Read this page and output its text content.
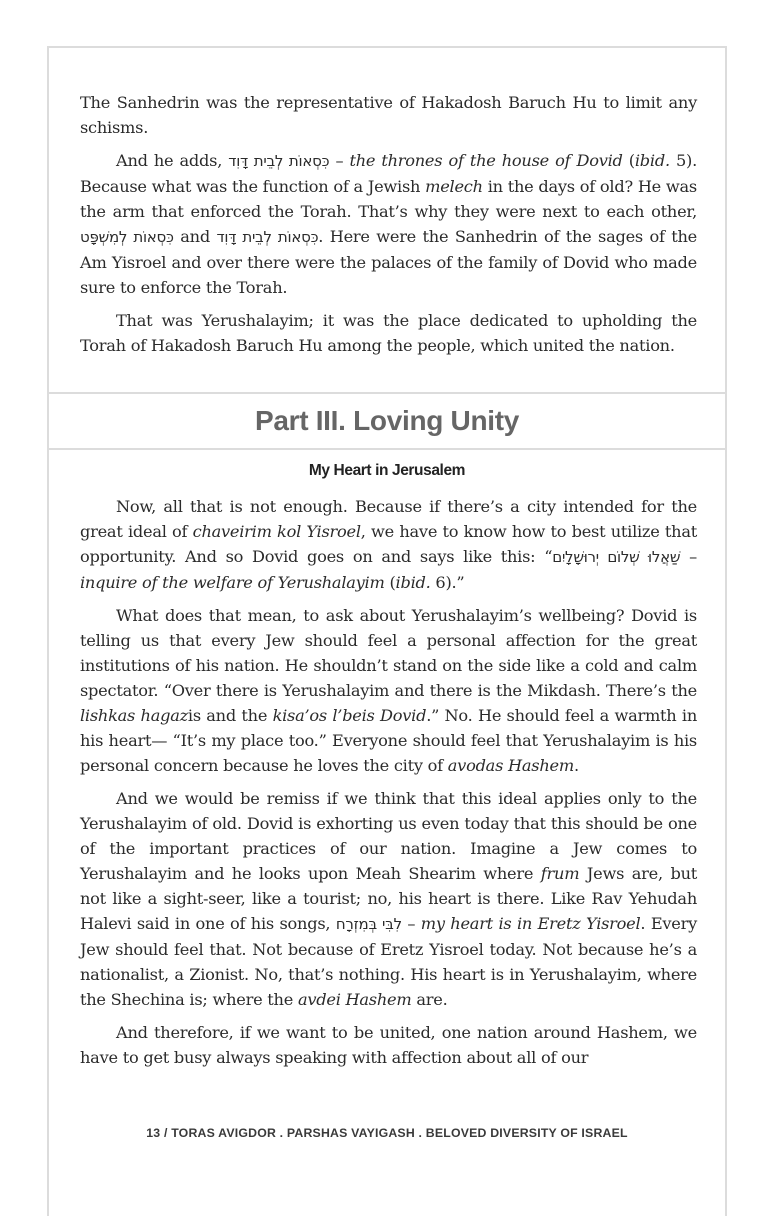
The Sanhedrin was the representative of Hakadosh Baruch Hu to limit any schisms.

And he adds, כִּסְאוֹת לְבֵית דָּוִד – the thrones of the house of Dovid (ibid. 5). Because what was the function of a Jewish melech in the days of old? He was the arm that enforced the Torah. That’s why they were next to each other, כִּסְאוֹת לְמִשְׁפָּט and כִּסְאוֹת לְבֵית דָּוִד. Here were the Sanhedrin of the sages of the Am Yisroel and over there were the palaces of the family of Dovid who made sure to enforce the Torah.

That was Yerushalayim; it was the place dedicated to upholding the Torah of Hakadosh Baruch Hu among the people, which united the nation.

Part III. Loving Unity
My Heart in Jerusalem

Now, all that is not enough. Because if there’s a city intended for the great ideal of chaveirim kol Yisroel, we have to know how to best utilize that opportunity. And so Dovid goes on and says like this: “שַׁאֲלוּ שְׁלוֹם יְרוּשָׁלָיִם – inquire of the welfare of Yerushalayim (ibid. 6).”

What does that mean, to ask about Yerushalayim’s wellbeing? Dovid is telling us that every Jew should feel a personal affection for the great institutions of his nation. He shouldn’t stand on the side like a cold and calm spectator. “Over there is Yerushalayim and there is the Mikdash. There’s the lishkas hagazis and the kisa’os l’beis Dovid.” No. He should feel a warmth in his heart— “It’s my place too.” Everyone should feel that Yerushalayim is his personal concern because he loves the city of avodas Hashem.

And we would be remiss if we think that this ideal applies only to the Yerushalayim of old. Dovid is exhorting us even today that this should be one of the important practices of our nation. Imagine a Jew comes to Yerushalayim and he looks upon Meah Shearim where frum Jews are, but not like a sight-seer, like a tourist; no, his heart is there. Like Rav Yehudah Halevi said in one of his songs, לִבִּי בְּמִזְרָח – my heart is in Eretz Yisroel. Every Jew should feel that. Not because of Eretz Yisroel today. Not because he’s a nationalist, a Zionist. No, that’s nothing. His heart is in Yerushalayim, where the Shechina is; where the avdei Hashem are.

And therefore, if we want to be united, one nation around Hashem, we have to get busy always speaking with affection about all of our

13 / TORAS AVIGDOR . PARSHAS VAYIGASH . BELOVED DIVERSITY OF ISRAEL
